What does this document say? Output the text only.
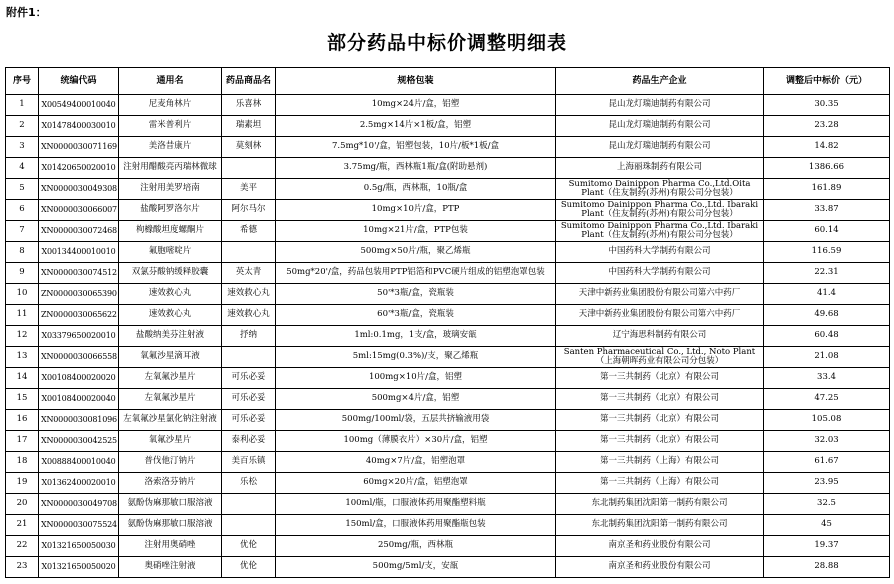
附件1：
部分药品中标价调整明细表
序号	统编代码	通用名	药品商品名	规格包装	药品生产企业	调整后中标价（元）
1	X00549400010040	尼麦角林片	乐喜林	10mg×24片/盒，铝塑	昆山龙灯瑞迪制药有限公司	30.35
2	X01478400030010	雷米普利片	瑞素坦	2.5mg×14片×1板/盒，铝塑	昆山龙灯瑞迪制药有限公司	23.28
3	XN0000030071169	美洛昔康片	莫刻林	7.5mg*10'/盒，铝塑包装，10片/板*1板/盒	昆山龙灯瑞迪制药有限公司	14.82
4	X01420650020010	注射用醋酸亮丙瑞林微球		3.75mg/瓶，西林瓶1瓶/盒(附助悬剂)	上海丽珠制药有限公司	1386.66
5	XN0000030049308	注射用美罗培南	美平	0.5g/瓶，西林瓶，10瓶/盒	Sumitomo Dainippon Pharma Co.,Ltd.Oita Plant（住友制药(苏州)有限公司分包装）	161.89
6	XN0000030066007	盐酸阿罗洛尔片	阿尔马尔	10mg×10片/盒，PTP	Sumitomo Dainippon Pharma Co.,Ltd. Ibaraki Plant（住友制药(苏州)有限公司分包装）	33.87
7	XN0000030072468	枸橼酸坦度螺酮片	希德	10mg×21片/盒，PTP包装	Sumitomo Dainippon Pharma Co.,Ltd. Ibaraki Plant（住友制药(苏州)有限公司分包装）	60.14
8	X00134400010010	氟胞嘧啶片		500mg×50片/瓶，聚乙烯瓶	中国药科大学制药有限公司	116.59
9	XN0000030074512	双氯芬酸钠缓释胶囊	英太青	50mg*20'/盒，药品包装用PTP铝箔和PVC硬片组成的铝塑泡罩包装	中国药科大学制药有限公司	22.31
10	ZN0000030065390	速效救心丸	速效救心丸	50'*3瓶/盒，瓷瓶装	天津中新药业集团股份有限公司第六中药厂	41.4
11	ZN0000030065622	速效救心丸	速效救心丸	60'*3瓶/盒，瓷瓶装	天津中新药业集团股份有限公司第六中药厂	49.68
12	X03379650020010	盐酸纳美芬注射液	抒纳	1ml:0.1mg，1支/盒，玻璃安瓿	辽宁海思科制药有限公司	60.48
13	XN0000030066558	氧氟沙星滴耳液		5ml:15mg(0.3%)/支，聚乙烯瓶	Santen Pharmaceutical Co., Ltd., Noto Plant（上海朝晖药业有限公司分包装）	21.08
14	X00108400020020	左氧氟沙星片	可乐必妥	100mg×10片/盒，铝塑	第一三共制药（北京）有限公司	33.4
15	X00108400020040	左氧氟沙星片	可乐必妥	500mg×4片/盒，铝塑	第一三共制药（北京）有限公司	47.25
16	XN0000030081096	左氧氟沙星氯化钠注射液	可乐必妥	500mg/100ml/袋，五层共挤输液用袋	第一三共制药（北京）有限公司	105.08
17	XN0000030042525	氧氟沙星片	泰利必妥	100mg（薄膜衣片）×30片/盒，铝塑	第一三共制药（北京）有限公司	32.03
18	X00888400010040	普伐他汀钠片	美百乐镇	40mg×7片/盒，铝塑泡罩	第一三共制药（上海）有限公司	61.67
19	X01362400020010	洛索洛芬钠片	乐松	60mg×20片/盒，铝塑泡罩	第一三共制药（上海）有限公司	23.95
20	XN0000030049708	氨酚伪麻那敏口服溶液		100ml/瓶，口服液体药用聚酯塑料瓶	东北制药集团沈阳第一制药有限公司	32.5
21	XN0000030075524	氨酚伪麻那敏口服溶液		150ml/盒，口服液体药用聚酯瓶包装	东北制药集团沈阳第一制药有限公司	45
22	X01321650050030	注射用奥硝唑	优伦	250mg/瓶，西林瓶	南京圣和药业股份有限公司	19.37
23	X01321650050020	奥硝唑注射液	优伦	500mg/5ml/支，安瓿	南京圣和药业股份有限公司	28.88
